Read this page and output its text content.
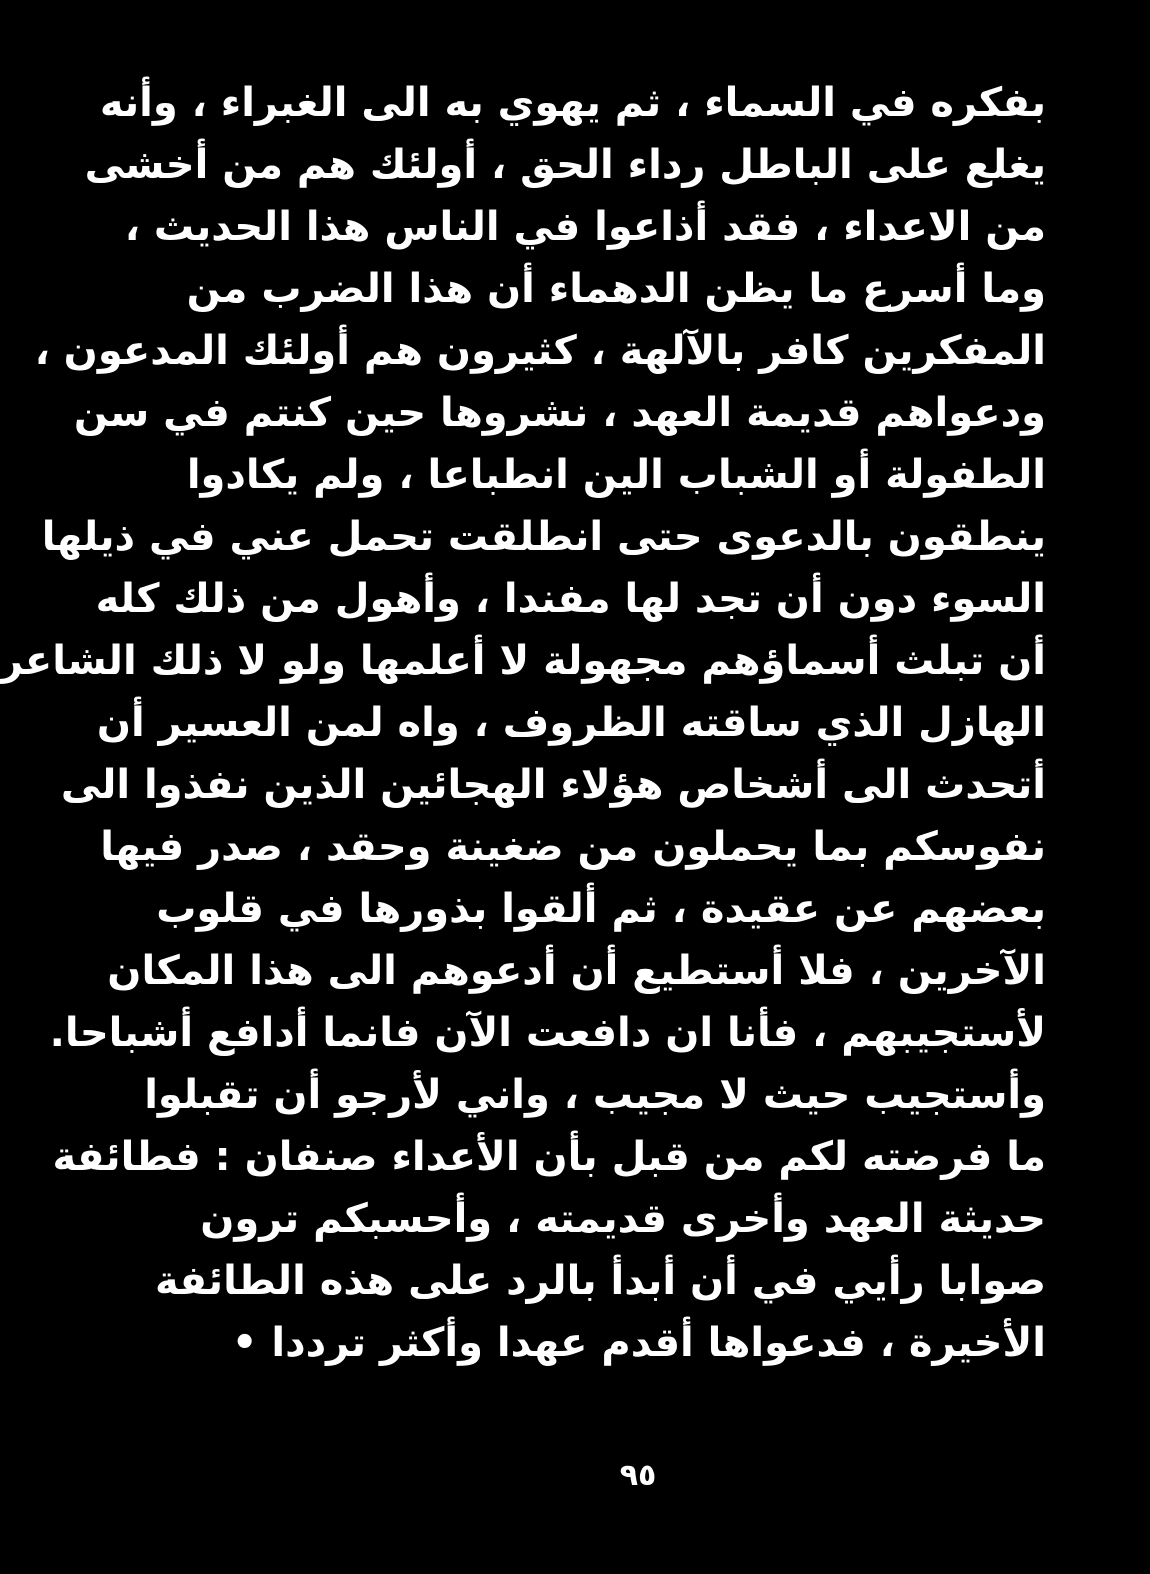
بفكره في السماء ، ثم يهوي به الى الغبراء ، وأنه
يغلع على الباطل رداء الحق ، أولئك هم من أخشى
من الاعداء ، فقد أذاعوا في الناس هذا الحديث ،
وما أسرع ما يظن الدهماء أن هذا الضرب من
المفكرين كافر بالآلهة ، كثيرون هم أولئك المدعون ،
ودعواهم قديمة العهد ، نشروها حين كنتم في سن
الطفولة أو الشباب الين انطباعا ، ولم يكادوا
ينطقون بالدعوى حتى انطلقت تحمل عني في ذيلها
السوء دون أن تجد لها مفندا ، وأهول من ذلك كله
أن تبلث أسماؤهم مجهولة لا أعلمها ولو لا ذلك الشاعر
الهازل الذي ساقته الظروف ، واه لمن العسير أن
أتحدث الى أشخاص هؤلاء الهجائين الذين نفذوا الى
نفوسكم بما يحملون من ضغينة وحقد ، صدر فيها
بعضهم عن عقيدة ، ثم ألقوا بذورها في قلوب
الآخرين ، فلا أستطيع أن أدعوهم الى هذا المكان
لأستجيبهم ، فأنا ان دافعت الآن فانما أدافع أشباحا.
وأستجيب حيث لا مجيب ، واني لأرجو أن تقبلوا
ما فرضته لكم من قبل بأن الأعداء صنفان : فطائفة
حديثة العهد وأخرى قديمته ، وأحسبكم ترون
صوابا رأيي في أن أبدأ بالرد على هذه الطائفة
الأخيرة ، فدعواها أقدم عهدا وأكثر ترددا •
٩٥
